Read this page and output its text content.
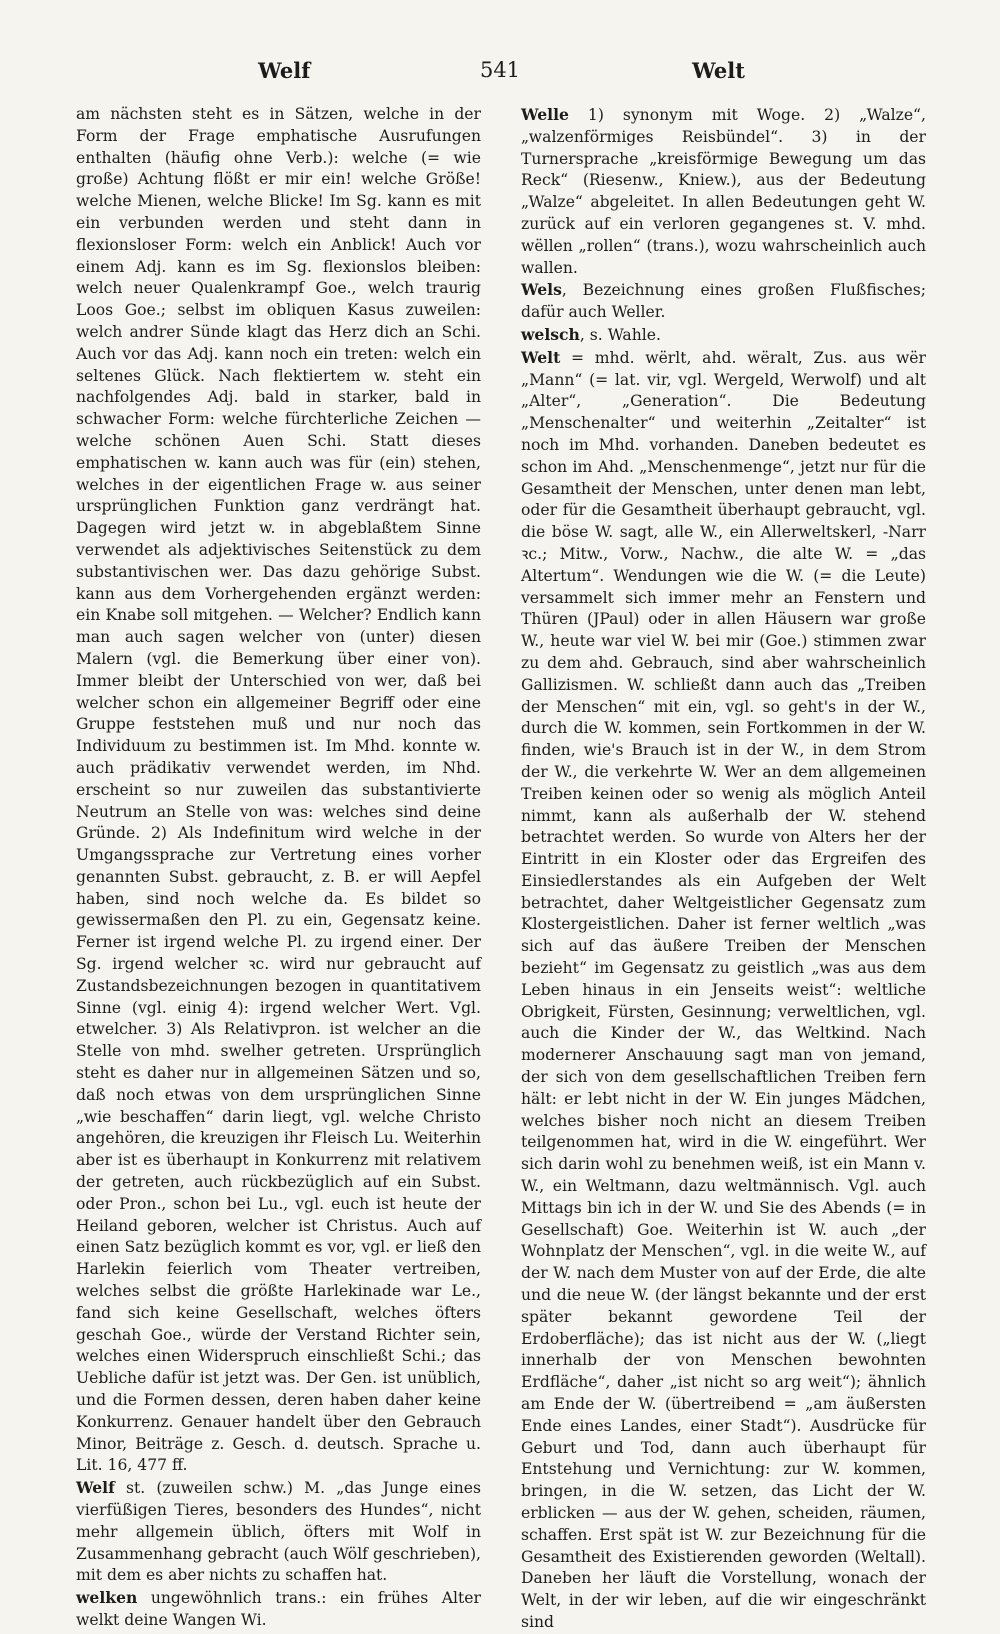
Welf	541	Welt

am nächsten steht es in Sätzen, welche in der Form der Frage emphatische Ausrufungen enthalten (häufig ohne Verb.): welche (= wie große) Achtung flößt er mir ein! welche Größe! welche Mienen, welche Blicke! Im Sg. kann es mit ein verbunden werden und steht dann in flexionsloser Form: welch ein Anblick! Auch vor einem Adj. kann es im Sg. flexionslos bleiben: welch neuer Qualenkrampf Goe., welch traurig Loos Goe.; selbst im obliquen Kasus zuweilen: welch andrer Sünde klagt das Herz dich an Schi. Auch vor das Adj. kann noch ein treten: welch ein seltenes Glück. Nach flektiertem w. steht ein nachfolgendes Adj. bald in starker, bald in schwacher Form: welche fürchterliche Zeichen — welche schönen Auen Schi. Statt dieses emphatischen w. kann auch was für (ein) stehen, welches in der eigentlichen Frage w. aus seiner ursprünglichen Funktion ganz verdrängt hat. Dagegen wird jetzt w. in abgeblaßtem Sinne verwendet als adjektivisches Seitenstück zu dem substantivischen wer. Das dazu gehörige Subst. kann aus dem Vorhergehenden ergänzt werden: ein Knabe soll mitgehen. — Welcher? Endlich kann man auch sagen welcher von (unter) diesen Malern (vgl. die Bemerkung über einer von). Immer bleibt der Unterschied von wer, daß bei welcher schon ein allgemeiner Begriff oder eine Gruppe feststehen muß und nur noch das Individuum zu bestimmen ist. Im Mhd. konnte w. auch prädikativ verwendet werden, im Nhd. erscheint so nur zuweilen das substantivierte Neutrum an Stelle von was: welches sind deine Gründe. 2) Als Indefinitum wird welche in der Umgangssprache zur Vertretung eines vorher genannten Subst. gebraucht, z. B. er will Aepfel haben, sind noch welche da. Es bildet so gewissermaßen den Pl. zu ein, Gegensatz keine. Ferner ist irgend welche Pl. zu irgend einer. Der Sg. irgend welcher ꝛc. wird nur gebraucht auf Zustandsbezeichnungen bezogen in quantitativem Sinne (vgl. einig 4): irgend welcher Wert. Vgl. etwelcher. 3) Als Relativpron. ist welcher an die Stelle von mhd. swelher getreten. Ursprünglich steht es daher nur in allgemeinen Sätzen und so, daß noch etwas von dem ursprünglichen Sinne „wie beschaffen“ darin liegt, vgl. welche Christo angehören, die kreuzigen ihr Fleisch Lu. Weiterhin aber ist es überhaupt in Konkurrenz mit relativem der getreten, auch rückbezüglich auf ein Subst. oder Pron., schon bei Lu., vgl. euch ist heute der Heiland geboren, welcher ist Christus. Auch auf einen Satz bezüglich kommt es vor, vgl. er ließ den Harlekin feierlich vom Theater vertreiben, welches selbst die größte Harlekinade war Le., fand sich keine Gesellschaft, welches öfters geschah Goe., würde der Verstand Richter sein, welches einen Widerspruch einschließt Schi.; das Uebliche dafür ist jetzt was. Der Gen. ist unüblich, und die Formen dessen, deren haben daher keine Konkurrenz. Genauer handelt über den Gebrauch Minor, Beiträge z. Gesch. d. deutsch. Sprache u. Lit. 16, 477 ff.

Welf st. (zuweilen schw.) M. „das Junge eines vierfüßigen Tieres, besonders des Hundes“, nicht mehr allgemein üblich, öfters mit Wolf in Zusammenhang gebracht (auch Wölf geschrieben), mit dem es aber nichts zu schaffen hat.

welken ungewöhnlich trans.: ein frühes Alter welkt deine Wangen Wi.

Welle 1) synonym mit Woge. 2) „Walze“, „walzenförmiges Reisbündel“. 3) in der Turnersprache „kreisförmige Bewegung um das Reck“ (Riesenw., Kniew.), aus der Bedeutung „Walze“ abgeleitet. In allen Bedeutungen geht W. zurück auf ein verloren gegangenes st. V. mhd. wëllen „rollen“ (trans.), wozu wahrscheinlich auch wallen.

Wels, Bezeichnung eines großen Flußfisches; dafür auch Weller.

welsch, s. Wahle.

Welt = mhd. wërlt, ahd. wëralt, Zus. aus wër „Mann“ (= lat. vir, vgl. Wergeld, Werwolf) und alt „Alter“, „Generation“. Die Bedeutung „Menschenalter“ und weiterhin „Zeitalter“ ist noch im Mhd. vorhanden. Daneben bedeutet es schon im Ahd. „Menschenmenge“, jetzt nur für die Gesamtheit der Menschen, unter denen man lebt, oder für die Gesamtheit überhaupt gebraucht, vgl. die böse W. sagt, alle W., ein Allerweltskerl, -Narr ꝛc.; Mitw., Vorw., Nachw., die alte W. = „das Altertum“. Wendungen wie die W. (= die Leute) versammelt sich immer mehr an Fenstern und Thüren (JPaul) oder in allen Häusern war große W., heute war viel W. bei mir (Goe.) stimmen zwar zu dem ahd. Gebrauch, sind aber wahrscheinlich Gallizismen. W. schließt dann auch das „Treiben der Menschen“ mit ein, vgl. so geht's in der W., durch die W. kommen, sein Fortkommen in der W. finden, wie's Brauch ist in der W., in dem Strom der W., die verkehrte W. Wer an dem allgemeinen Treiben keinen oder so wenig als möglich Anteil nimmt, kann als außerhalb der W. stehend betrachtet werden. So wurde von Alters her der Eintritt in ein Kloster oder das Ergreifen des Einsiedlerstandes als ein Aufgeben der Welt betrachtet, daher Weltgeistlicher Gegensatz zum Klostergeistlichen. Daher ist ferner weltlich „was sich auf das äußere Treiben der Menschen bezieht“ im Gegensatz zu geistlich „was aus dem Leben hinaus in ein Jenseits weist“: weltliche Obrigkeit, Fürsten, Gesinnung; verweltlichen, vgl. auch die Kinder der W., das Weltkind. Nach modernerer Anschauung sagt man von jemand, der sich von dem gesellschaftlichen Treiben fern hält: er lebt nicht in der W. Ein junges Mädchen, welches bisher noch nicht an diesem Treiben teilgenommen hat, wird in die W. eingeführt. Wer sich darin wohl zu benehmen weiß, ist ein Mann v. W., ein Weltmann, dazu weltmännisch. Vgl. auch Mittags bin ich in der W. und Sie des Abends (= in Gesellschaft) Goe. Weiterhin ist W. auch „der Wohnplatz der Menschen“, vgl. in die weite W., auf der W. nach dem Muster von auf der Erde, die alte und die neue W. (der längst bekannte und der erst später bekannt gewordene Teil der Erdoberfläche); das ist nicht aus der W. („liegt innerhalb der von Menschen bewohnten Erdfläche“, daher „ist nicht so arg weit“); ähnlich am Ende der W. (übertreibend = „am äußersten Ende eines Landes, einer Stadt“). Ausdrücke für Geburt und Tod, dann auch überhaupt für Entstehung und Vernichtung: zur W. kommen, bringen, in die W. setzen, das Licht der W. erblicken — aus der W. gehen, scheiden, räumen, schaffen. Erst spät ist W. zur Bezeichnung für die Gesamtheit des Existierenden geworden (Weltall). Daneben her läuft die Vorstellung, wonach der Welt, in der wir leben, auf die wir eingeschränkt sind
